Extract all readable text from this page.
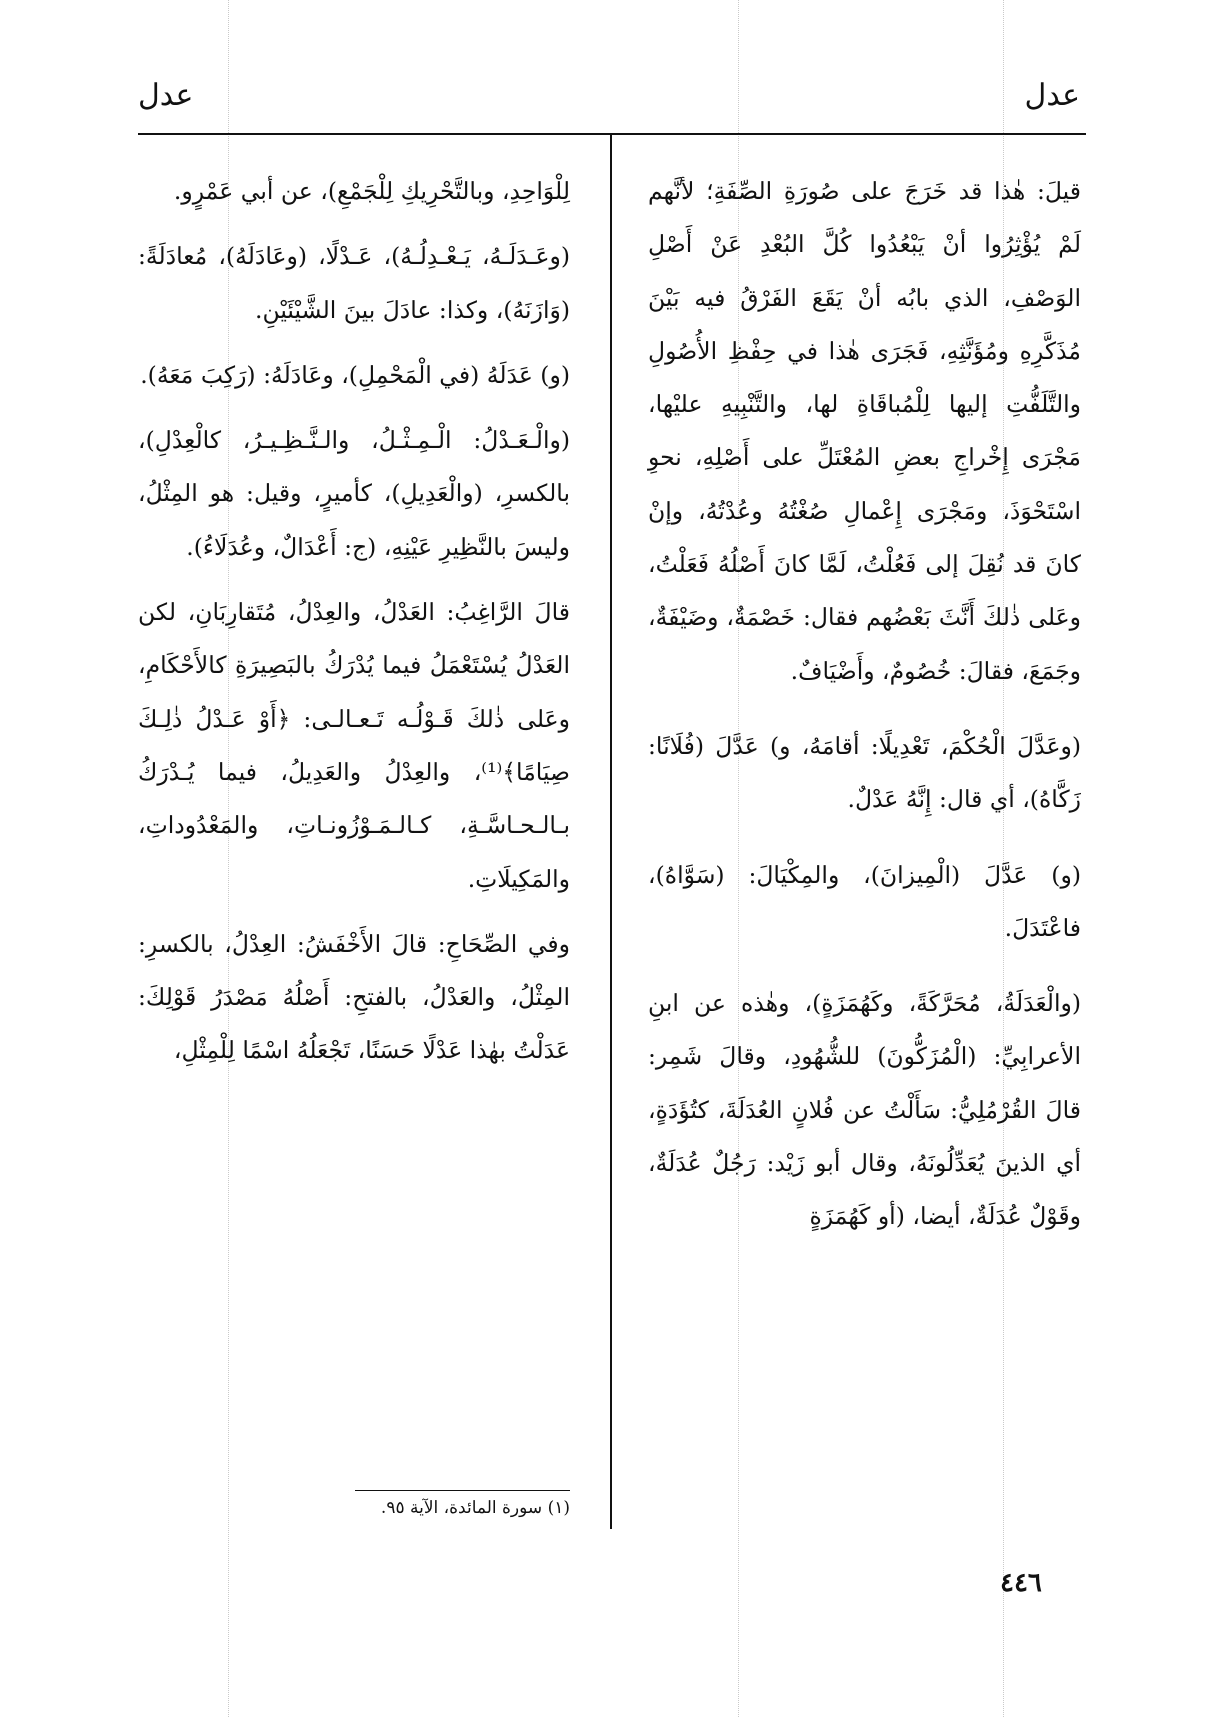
عدل	عدل

قيلَ: هٰذا قد خَرَجَ على صُورَةِ الصِّفَةِ؛ لأنَّهم لَمْ يُؤْثِرُوا أنْ يَبْعُدُوا كُلَّ البُعْدِ عَنْ أَصْلِ الوَصْفِ، الذي بابُه أنْ يَقَعَ الفَرْقُ فيه بَيْنَ مُذَكَّرِهِ ومُؤَنَّثِهِ، فَجَرَى هٰذا في حِفْظِ الأُصُولِ والتَّلَفُّتِ إليها لِلْمُباقَاةِ لها، والتَّنْبِيهِ عليْها، مَجْرَى إِخْراجِ بعضِ المُعْتَلِّ على أَصْلِهِ، نحوِ اسْتَحْوَذَ، ومَجْرَى إِعْمالِ صُغْتُهُ وعُدْتُهُ، وإنْ كانَ قد نُقِلَ إلى فَعُلْتُ، لَمَّا كانَ أَصْلُهُ فَعَلْتُ، وعَلى ذٰلكَ أَنَّثَ بَعْضُهم فقال: خَصْمَةٌ، وضَيْفَةٌ، وجَمَعَ، فقالَ: خُصُومٌ، وأَضْيَافٌ.

(وعَدَّلَ الْحُكْمَ، تَعْدِيلًا: أقامَهُ، و) عَدَّلَ (فُلَانًا: زَكَّاهُ)، أي قال: إِنَّهُ عَدْلٌ.

(و) عَدَّلَ (الْمِيزانَ)، والمِكْيَالَ: (سَوَّاهُ)، فاعْتَدَلَ.

(والْعَدَلَةُ، مُحَرَّكَةً، وكَهُمَزَةٍ)، وهٰذه عن ابنِ الأعرابِيِّ: (الْمُزَكُّونَ) للشُّهُودِ، وقالَ شَمِر: قالَ القُرْمُلِيُّ: سَأَلْتُ عن فُلانٍ العُدَلَةَ، كتُؤَدَةٍ، أي الذينَ يُعَدِّلُونَهُ، وقال أبو زَيْد: رَجُلٌ عُدَلَةٌ، وقَوْلٌ عُدَلَةٌ، أيضا، (أو كَهُمَزَةٍ

لِلْوَاحِدِ، وبالتَّحْرِيكِ لِلْجَمْعِ)، عن أبي عَمْرٍو.

(وعَـدَلَـهُ، يَـعْـدِلُـهُ)، عَـدْلًا، (وعَادَلَهُ)، مُعادَلَةً: (وَازَنَهُ)، وكذا: عادَلَ بينَ الشَّيْئَيْنِ.

(و) عَدَلَهُ (في الْمَحْمِلِ)، وعَادَلَهُ: (رَكِبَ مَعَهُ).

(والْـعَـدْلُ: الْـمِـثْـلُ، والـنَّـظِـيـرُ، كالْعِدْلِ)، بالكسرِ، (والْعَدِيلِ)، كأميرٍ، وقيل: هو المِثْلُ، وليسَ بالنَّظِيرِ عَيْنِهِ، (ج: أَعْدَالٌ، وعُدَلَاءُ).

قالَ الرَّاغِبُ: العَدْلُ، والعِدْلُ، مُتَقارِبَانِ، لكن العَدْلُ يُسْتَعْمَلُ فيما يُدْرَكُ بالبَصِيرَةِ كالأَحْكَامِ، وعَلى ذٰلكَ قَـوْلُـه تَـعـالـى: ﴿أَوْ عَـدْلُ ذٰلِـكَ صِيَامًا﴾⁽¹⁾، والعِدْلُ والعَدِيلُ، فيما يُـدْرَكُ بـالـحـاسَّـةِ، كـالـمَـوْزُونـاتِ، والمَعْدُوداتِ، والمَكِيلَاتِ.

وفي الصِّحَاحِ: قالَ الأَخْفَشُ: العِدْلُ، بالكسرِ: المِثْلُ، والعَدْلُ، بالفتحِ: أَصْلُهُ مَصْدَرُ قَوْلِكَ: عَدَلْتُ بهٰذا عَدْلًا حَسَنًا، تَجْعَلُهُ اسْمًا لِلْمِثْلِ،

(١) سورة المائدة، الآية ٩٥.
٤٤٦
